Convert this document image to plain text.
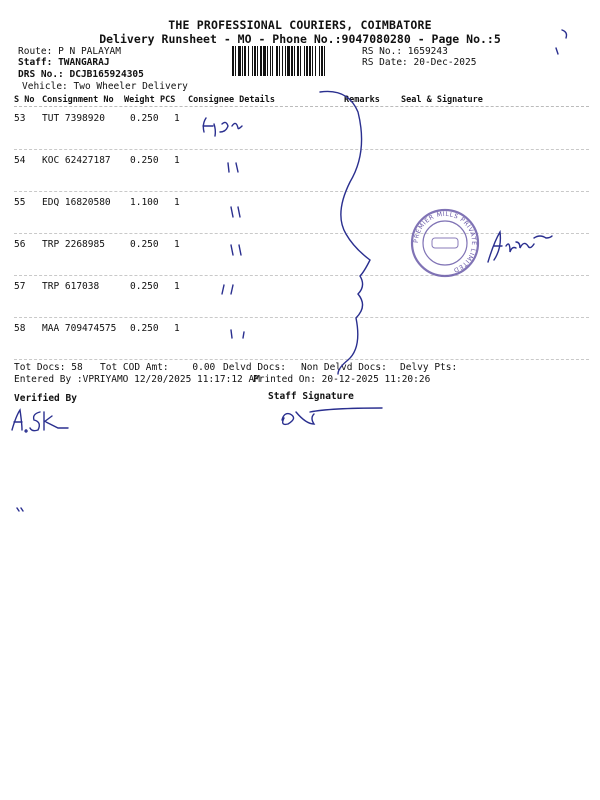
THE PROFESSIONAL COURIERS, COIMBATORE
Delivery Runsheet - MO - Phone No.:9047080280 - Page No.:5
Route: P N PALAYAM
Staff: TWANGARAJ
DRS No.: DCJB165924305
Vehicle: Two Wheeler Delivery
RS No.: 1659243
RS Date: 20-Dec-2025
S No Consignment No Weight PCS Consignee Details	Remarks Seal & Signature
53 TUT 7398920	0.250 1
54 KOC 62427187 0.250 1
55 EDQ 16820580 1.100 1
56 TRP 2268985	0.250 1
57 TRP 617038	0.250 1
58 MAA 709474575 0.250 1
Tot Docs: 58 Tot COD Amt: 0.00 Delvd Docs: Non Delvd Docs: Delvy Pts:
Entered By :VPRIYAMO 12/20/2025 11:17:12 AM
Printed On: 20-12-2025 11:20:26
Verified By	Staff Signature
PREMIER MILLS PRIVATE LIMITED
